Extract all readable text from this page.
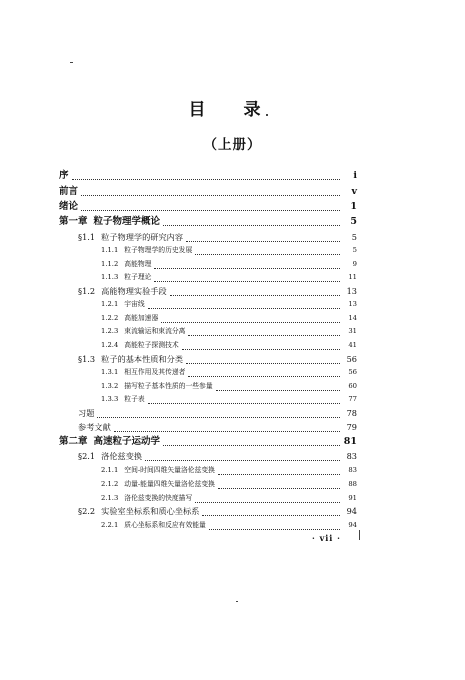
目 录
（上册）
序	i
前言	v
绪论	1
第一章 粒子物理学概论	5
§1.1 粒子物理学的研究内容	5
1.1.1 粒子物理学的历史发展	5
1.1.2 高能物理	9
1.1.3 粒子理论	11
§1.2 高能物理实验手段	13
1.2.1 宇宙线	13
1.2.2 高能加速器	14
1.2.3 束流输运和束流分离	31
1.2.4 高能粒子探测技术	41
§1.3 粒子的基本性质和分类	56
1.3.1 相互作用及其传递者	56
1.3.2 描写粒子基本性质的一些参量	60
1.3.3 粒子表	77
习题	78
参考文献	79
第二章 高速粒子运动学	81
§2.1 洛伦兹变换	83
2.1.1 空间-时间四维矢量洛伦兹变换	83
2.1.2 动量-能量四维矢量洛伦兹变换	88
2.1.3 洛伦兹变换的快度描写	91
§2.2 实验室坐标系和质心坐标系	94
2.2.1 质心坐标系和反应有效能量	94
· vii ·
